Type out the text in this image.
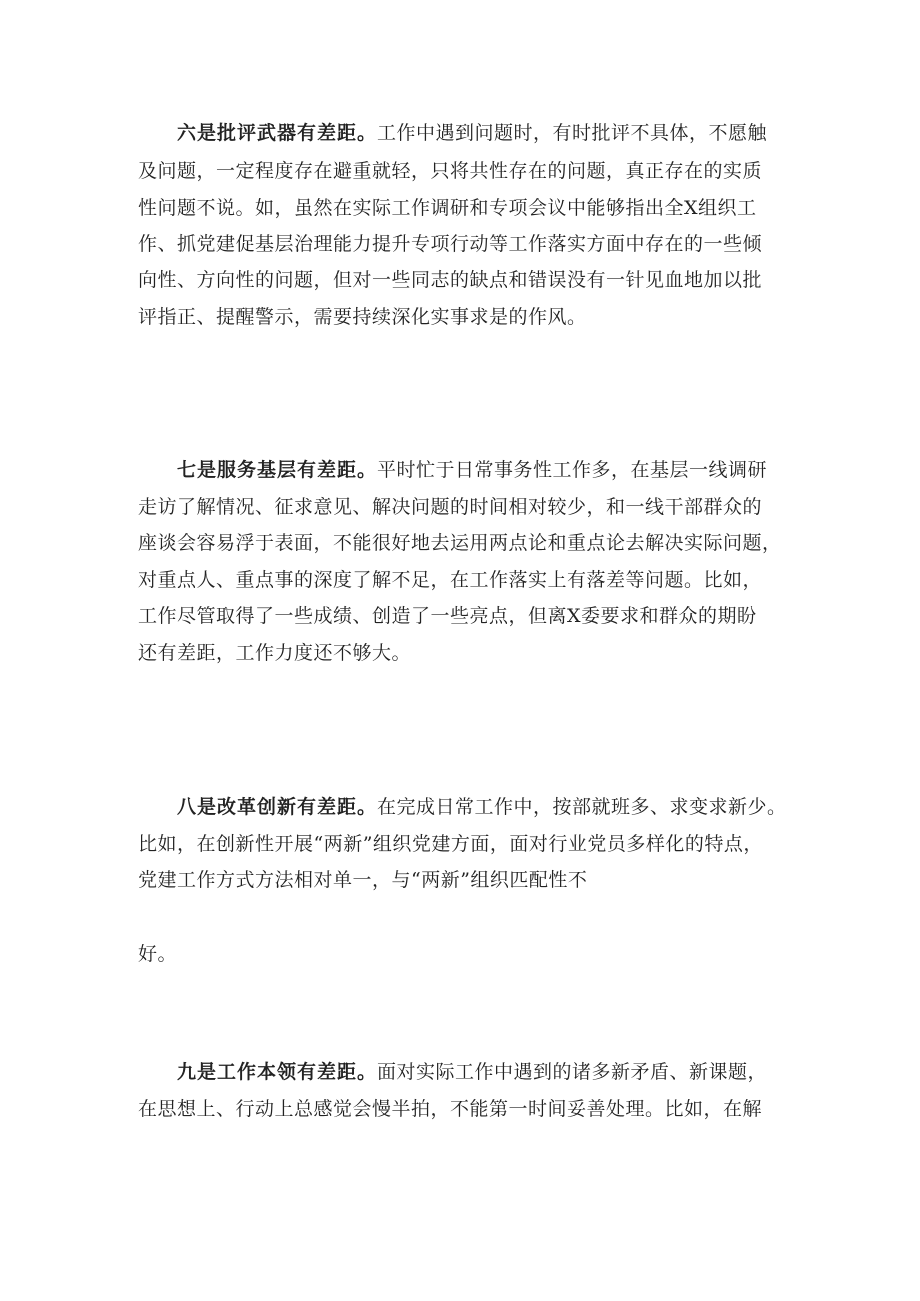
六是批评武器有差距。工作中遇到问题时，有时批评不具体，不愿触
及问题，一定程度存在避重就轻，只将共性存在的问题，真正存在的实质
性问题不说。如，虽然在实际工作调研和专项会议中能够指出全X组织工
作、抓党建促基层治理能力提升专项行动等工作落实方面中存在的一些倾
向性、方向性的问题，但对一些同志的缺点和错误没有一针见血地加以批
评指正、提醒警示，需要持续深化实事求是的作风。
七是服务基层有差距。平时忙于日常事务性工作多，在基层一线调研
走访了解情况、征求意见、解决问题的时间相对较少，和一线干部群众的
座谈会容易浮于表面，不能很好地去运用两点论和重点论去解决实际问题，
对重点人、重点事的深度了解不足，在工作落实上有落差等问题。比如，
工作尽管取得了一些成绩、创造了一些亮点，但离X委要求和群众的期盼
还有差距，工作力度还不够大。
八是改革创新有差距。在完成日常工作中，按部就班多、求变求新少。
比如，在创新性开展“两新”组织党建方面，面对行业党员多样化的特点，
党建工作方式方法相对单一，与“两新”组织匹配性不
好。
九是工作本领有差距。面对实际工作中遇到的诸多新矛盾、新课题，
在思想上、行动上总感觉会慢半拍，不能第一时间妥善处理。比如，在解
